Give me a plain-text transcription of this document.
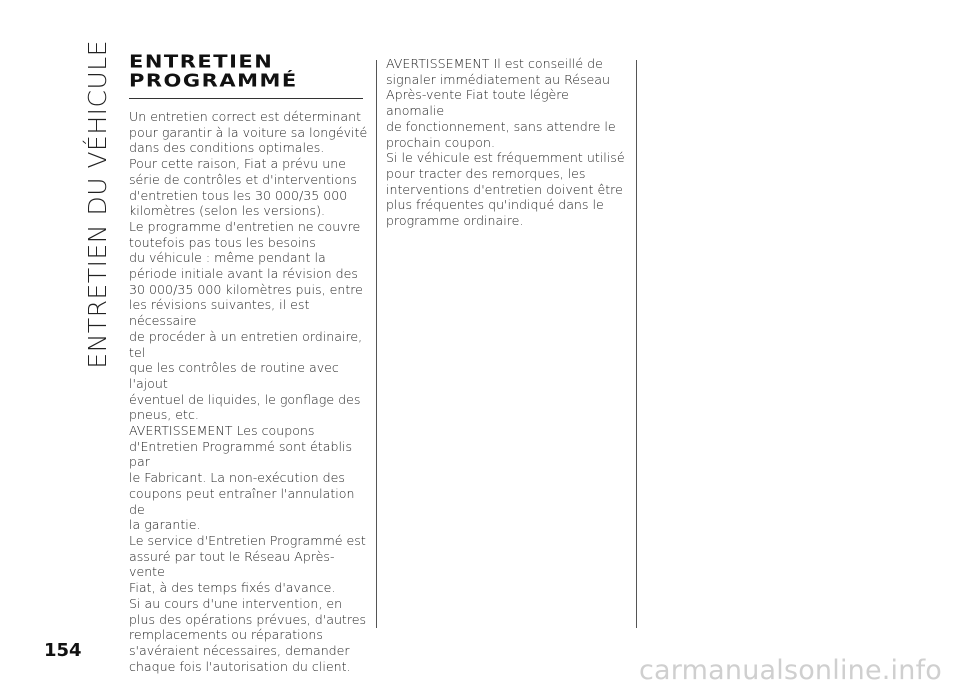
ENTRETIEN DU VÉHICULE ENTRETIEN
PROGRAMMÉ

Un entretien correct est déterminant
pour garantir à la voiture sa longévité
dans des conditions optimales.
Pour cette raison, Fiat a prévu une
série de contrôles et d'interventions
d'entretien tous les 30 000/35 000
kilomètres (selon les versions).
Le programme d'entretien ne couvre
toutefois pas tous les besoins
du véhicule : même pendant la
période initiale avant la révision des
30 000/35 000 kilomètres puis, entre
les révisions suivantes, il est nécessaire
de procéder à un entretien ordinaire, tel
que les contrôles de routine avec l'ajout
éventuel de liquides, le gonflage des
pneus, etc.
AVERTISSEMENT Les coupons
d'Entretien Programmé sont établis par
le Fabricant. La non-exécution des
coupons peut entraîner l'annulation de
la garantie.
Le service d'Entretien Programmé est
assuré par tout le Réseau Après-vente
Fiat, à des temps fixés d'avance.
Si au cours d'une intervention, en
plus des opérations prévues, d'autres
remplacements ou réparations
s'avéraient nécessaires, demander
chaque fois l'autorisation du client.

AVERTISSEMENT Il est conseillé de
signaler immédiatement au Réseau
Après-vente Fiat toute légère anomalie
de fonctionnement, sans attendre le
prochain coupon.
Si le véhicule est fréquemment utilisé
pour tracter des remorques, les
interventions d'entretien doivent être
plus fréquentes qu'indiqué dans le
programme ordinaire.

154
carmanualsonline.info
